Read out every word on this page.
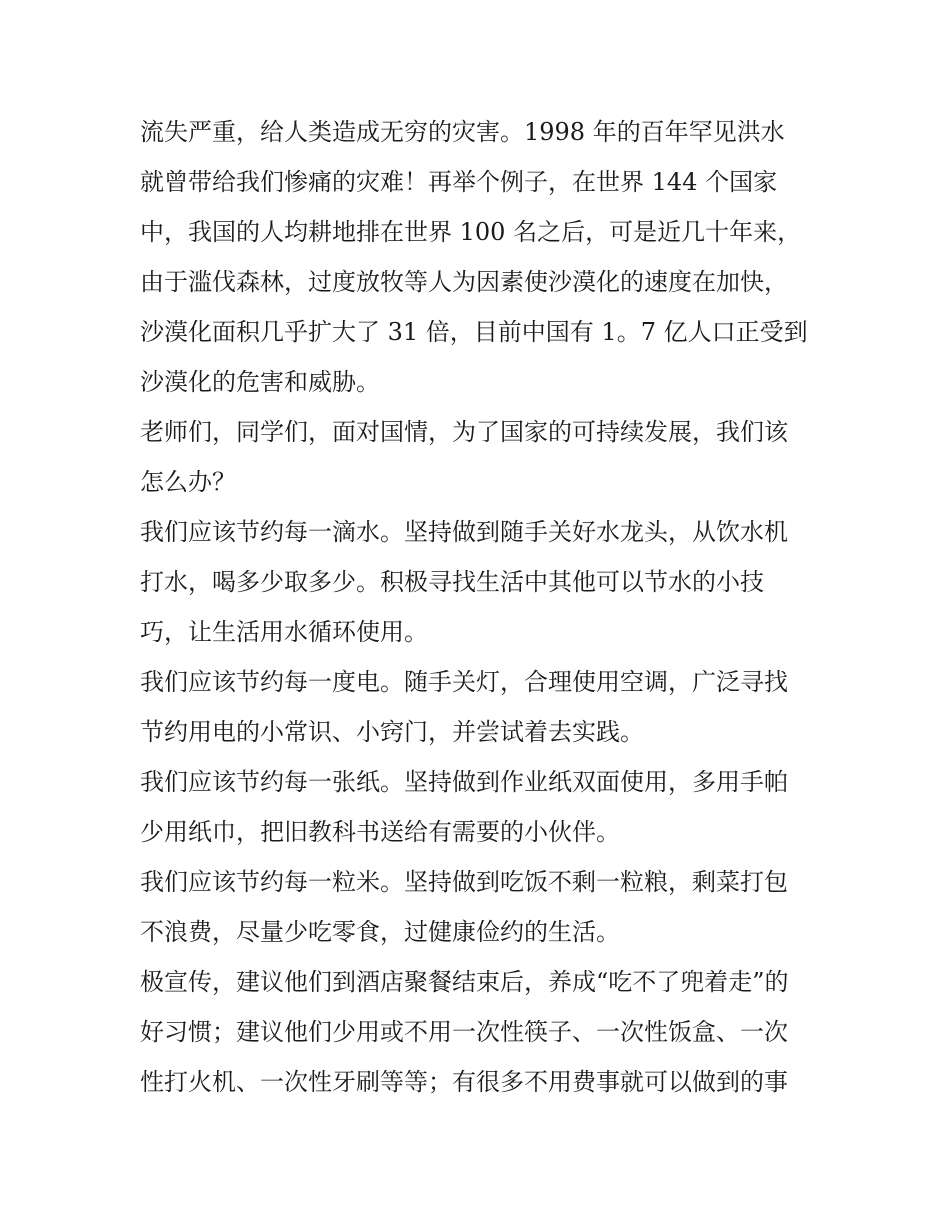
流失严重，给人类造成无穷的灾害。1998 年的百年罕见洪水
就曾带给我们惨痛的灾难！再举个例子，在世界 144 个国家
中，我国的人均耕地排在世界 100 名之后，可是近几十年来，
由于滥伐森林，过度放牧等人为因素使沙漠化的速度在加快，
沙漠化面积几乎扩大了 31 倍，目前中国有 1。7 亿人口正受到
沙漠化的危害和威胁。

老师们，同学们，面对国情，为了国家的可持续发展，我们该
怎么办？

我们应该节约每一滴水。坚持做到随手关好水龙头，从饮水机
打水，喝多少取多少。积极寻找生活中其他可以节水的小技
巧，让生活用水循环使用。

我们应该节约每一度电。随手关灯，合理使用空调，广泛寻找
节约用电的小常识、小窍门，并尝试着去实践。

我们应该节约每一张纸。坚持做到作业纸双面使用，多用手帕
少用纸巾，把旧教科书送给有需要的小伙伴。

我们应该节约每一粒米。坚持做到吃饭不剩一粒粮，剩菜打包
不浪费，尽量少吃零食，过健康俭约的生活。

极宣传，建议他们到酒店聚餐结束后，养成“吃不了兜着走”的
好习惯；建议他们少用或不用一次性筷子、一次性饭盒、一次
性打火机、一次性牙刷等等；有很多不用费事就可以做到的事
